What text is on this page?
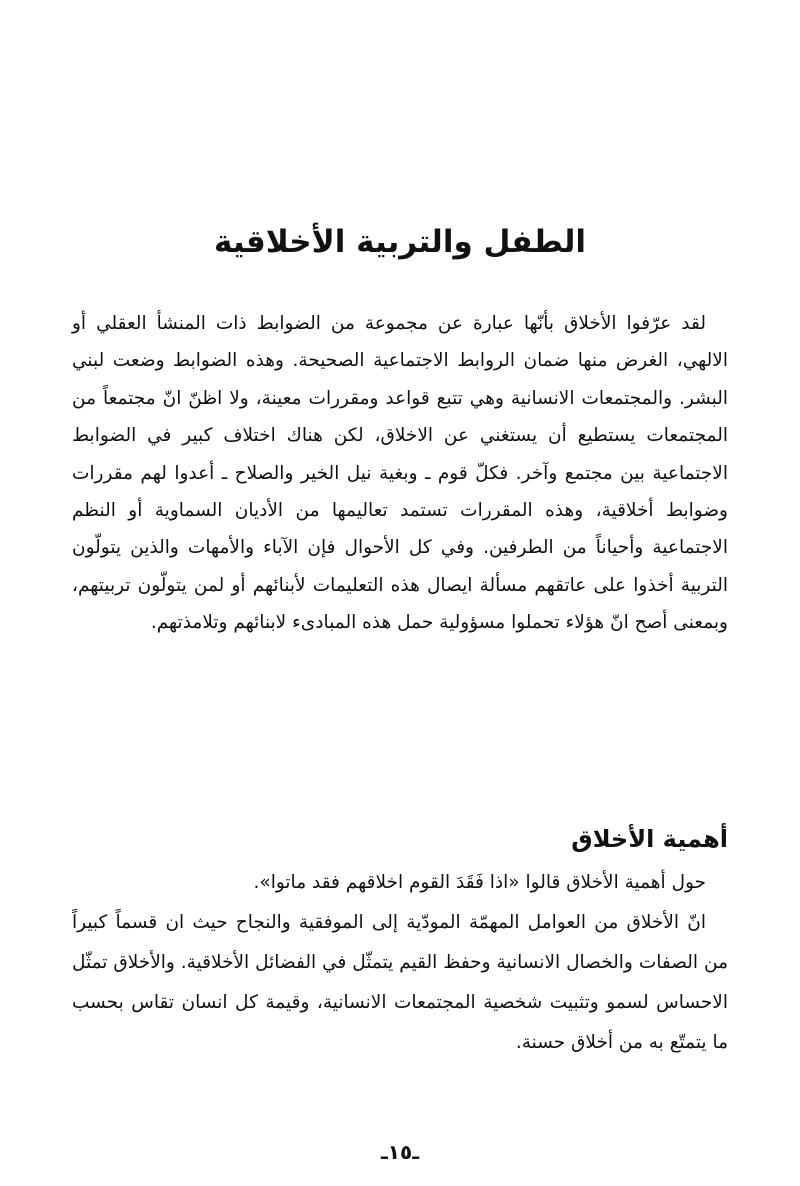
الطفل والتربية الأخلاقية

لقد عرّفوا الأخلاق بأنّها عبارة عن مجموعة من الضوابط ذات المنشأ العقلي أو الالهي، الغرض منها ضمان الروابط الاجتماعية الصحيحة. وهذه الضوابط وضعت لبني البشر. والمجتمعات الانسانية وهي تتبع قواعد ومقررات معينة، ولا اظنّ انّ مجتمعاً من المجتمعات يستطيع أن يستغني عن الاخلاق، لكن هناك اختلاف كبير في الضوابط الاجتماعية بين مجتمع وآخر. فكلّ قوم ـ وبغية نيل الخير والصلاح ـ أعدوا لهم مقررات وضوابط أخلاقية، وهذه المقررات تستمد تعاليمها من الأديان السماوية أو النظم الاجتماعية وأحياناً من الطرفين. وفي كل الأحوال فإن الآباء والأمهات والذين يتولّون التربية أخذوا على عاتقهم مسألة ايصال هذه التعليمات لأبنائهم أو لمن يتولّون تربيتهم، وبمعنى أصح انّ هؤلاء تحملوا مسؤولية حمل هذه المبادىء لابنائهم وتلامذتهم.

أهمية الأخلاق

حول أهمية الأخلاق قالوا «اذا فَقَدَ القوم اخلاقهم فقد ماتوا».

انّ الأخلاق من العوامل المهمّة المودّية إلى الموفقية والنجاح حيث ان قسماً كبيراً من الصفات والخصال الانسانية وحفظ القيم يتمثّل في الفضائل الأخلاقية. والأخلاق تمثّل الاحساس لسمو وتثبيت شخصية المجتمعات الانسانية، وقيمة كل انسان تقاس بحسب ما يتمتّع به من أخلاق حسنة.

ـ١٥ـ
